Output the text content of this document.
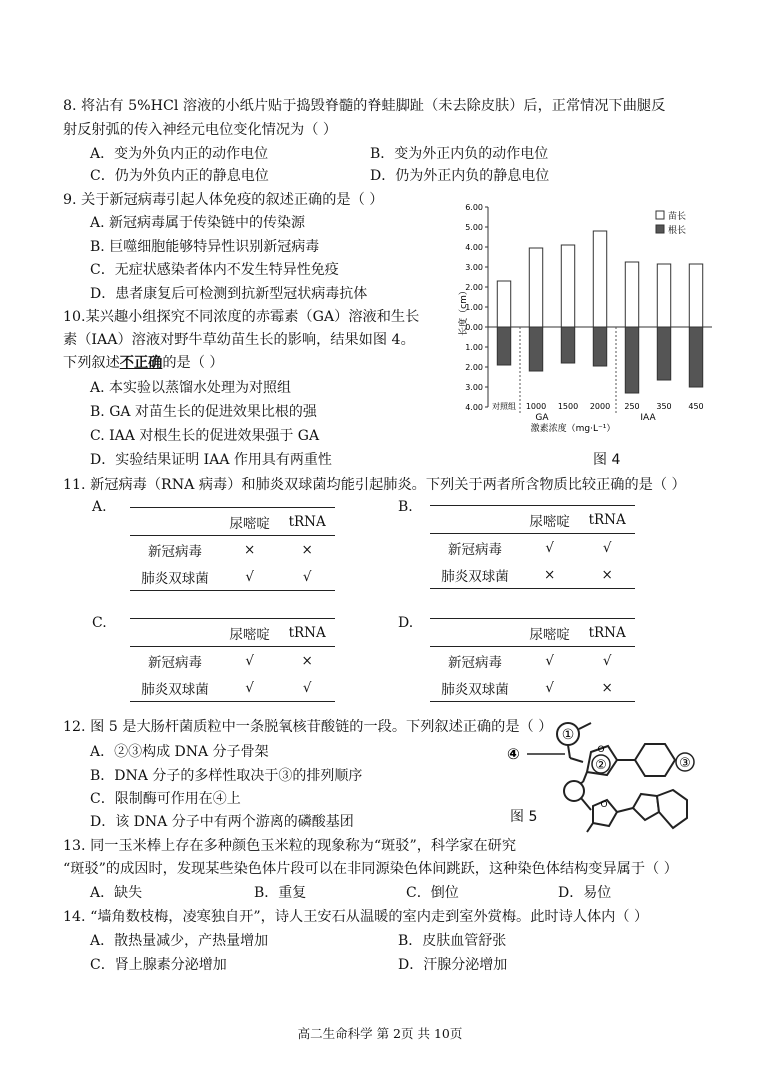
8. 将沾有 5%HCl 溶液的小纸片贴于捣毁脊髓的脊蛙脚趾（未去除皮肤）后，正常情况下曲腿反
射反射弧的传入神经元电位变化情况为（ ）
A．变为外负内正的动作电位	B．变为外正内负的动作电位
C．仍为外负内正的静息电位	D．仍为外正内负的静息电位
9. 关于新冠病毒引起人体免疫的叙述正确的是（ ）
A. 新冠病毒属于传染链中的传染源
B. 巨噬细胞能够特异性识别新冠病毒
C．无症状感染者体内不发生特异性免疫
D．患者康复后可检测到抗新型冠状病毒抗体
10.某兴趣小组探究不同浓度的赤霉素（GA）溶液和生长
素（IAA）溶液对野牛草幼苗生长的影响，结果如图 4。
下列叙述不正确的是（ ）
A. 本实验以蒸馏水处理为对照组
B. GA 对苗生长的促进效果比根的强
C. IAA 对根生长的促进效果强于 GA
D．实验结果证明 IAA 作用具有两重性
6.00
5.00
4.00
3.00
2.00
1.00
0.00
1.00
2.00
3.00
4.00 对照组 1000 1500 2000 250 350 450
长度（cm）
激素浓度（mg·L⁻¹）
GA	IAA
苗长
根长
图 4
11. 新冠病毒（RNA 病毒）和肺炎双球菌均能引起肺炎。下列关于两者所含物质比较正确的是（ ）
A.
	尿嘧啶	tRNA
新冠病毒	×	×
肺炎双球菌	√	√
B.
	尿嘧啶	tRNA
新冠病毒	√	√
肺炎双球菌	×	×
C.
	尿嘧啶	tRNA
新冠病毒	√	×
肺炎双球菌	√	√
D.
	尿嘧啶	tRNA
新冠病毒	√	√
肺炎双球菌	√	×
12. 图 5 是大肠杆菌质粒中一条脱氧核苷酸链的一段。下列叙述正确的是（ ）
A．②③构成 DNA 分子骨架
B．DNA 分子的多样性取决于③的排列顺序
C．限制酶可作用在④上
D．该 DNA 分子中有两个游离的磷酸基团
①
④	O
②	③
O
图 5
13. 同一玉米棒上存在多种颜色玉米粒的现象称为“斑驳”，科学家在研究
“斑驳”的成因时，发现某些染色体片段可以在非同源染色体间跳跃，这种染色体结构变异属于（ ）
A．缺失	B．重复	C．倒位	D．易位
14. “墙角数枝梅，凌寒独自开”，诗人王安石从温暖的室内走到室外赏梅。此时诗人体内（ ）
A．散热量减少，产热量增加	B．皮肤血管舒张
C．肾上腺素分泌增加	D．汗腺分泌增加
高二生命科学 第 2页 共 10页
